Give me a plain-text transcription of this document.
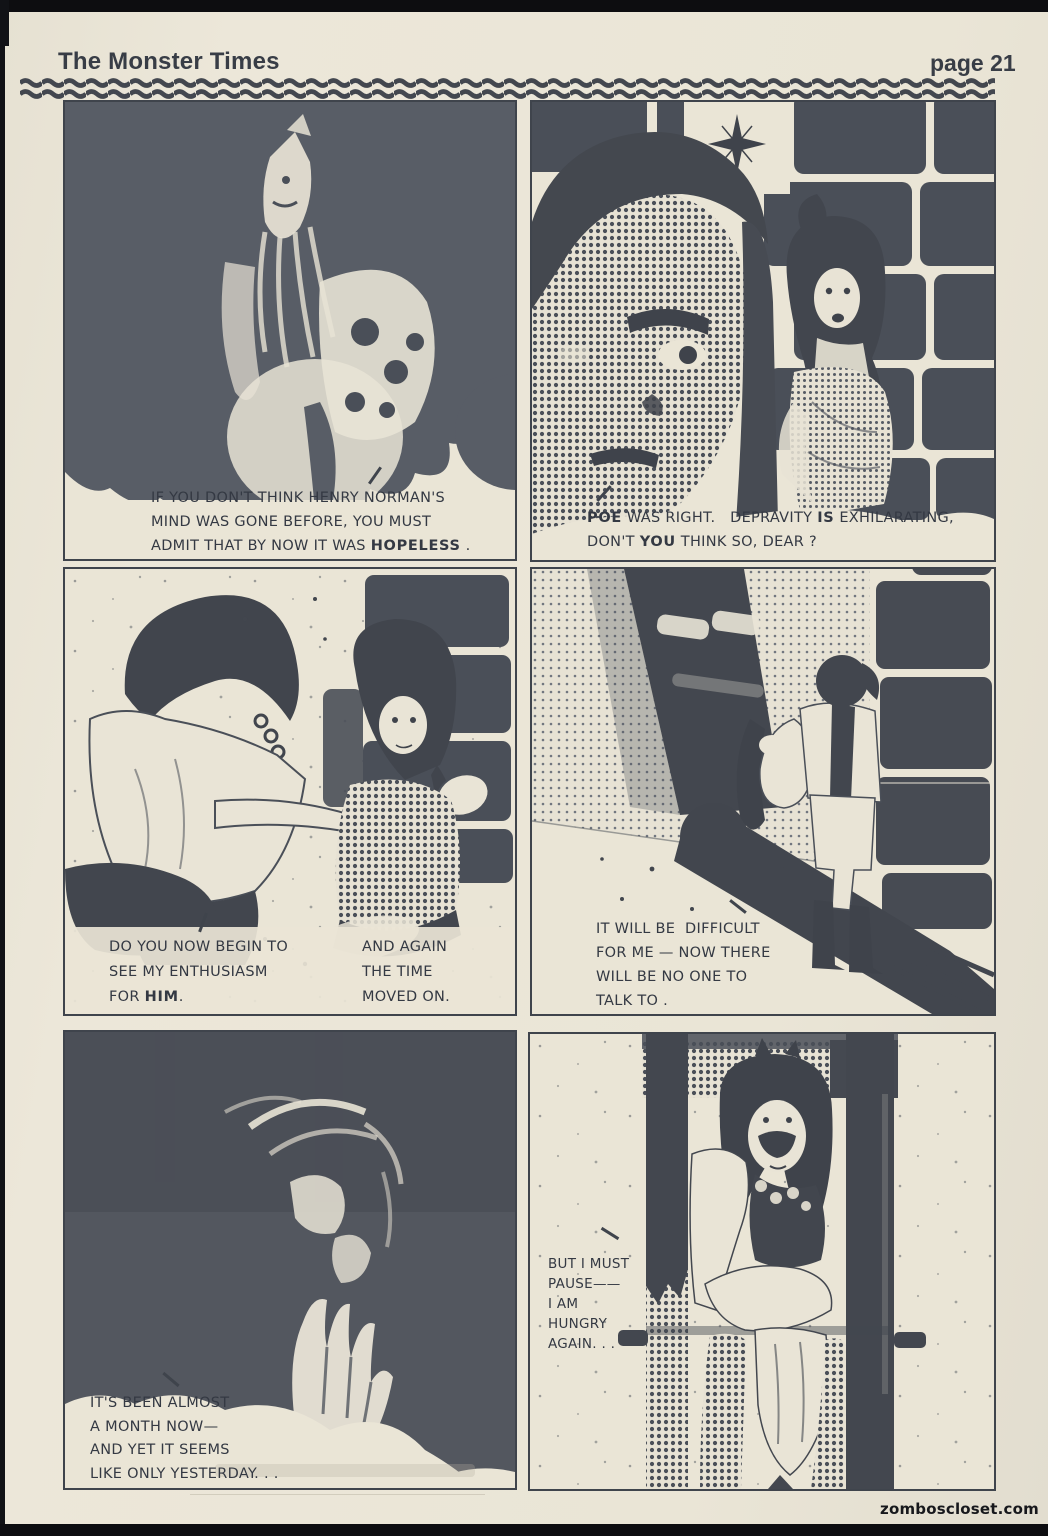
The Monster Times	page 21
IF YOU DON'T THINK HENRY NORMAN'S
MIND WAS GONE BEFORE, YOU MUST
ADMIT THAT BY NOW IT WAS HOPELESS .
POE WAS RIGHT.   DEPRAVITY IS EXHILARATING,
DON'T YOU THINK SO, DEAR ?
DO YOU NOW BEGIN TO
SEE MY ENTHUSIASM
FOR HIM.
AND AGAIN
THE TIME
MOVED ON.
IT WILL BE  DIFFICULT
FOR ME — NOW THERE
WILL BE NO ONE TO
TALK TO .
IT'S BEEN ALMOST
A MONTH NOW—
AND YET IT SEEMS
LIKE ONLY YESTERDAY. . .
BUT I MUST
PAUSE——
I AM
HUNGRY
AGAIN. . .
zomboscloset.com
